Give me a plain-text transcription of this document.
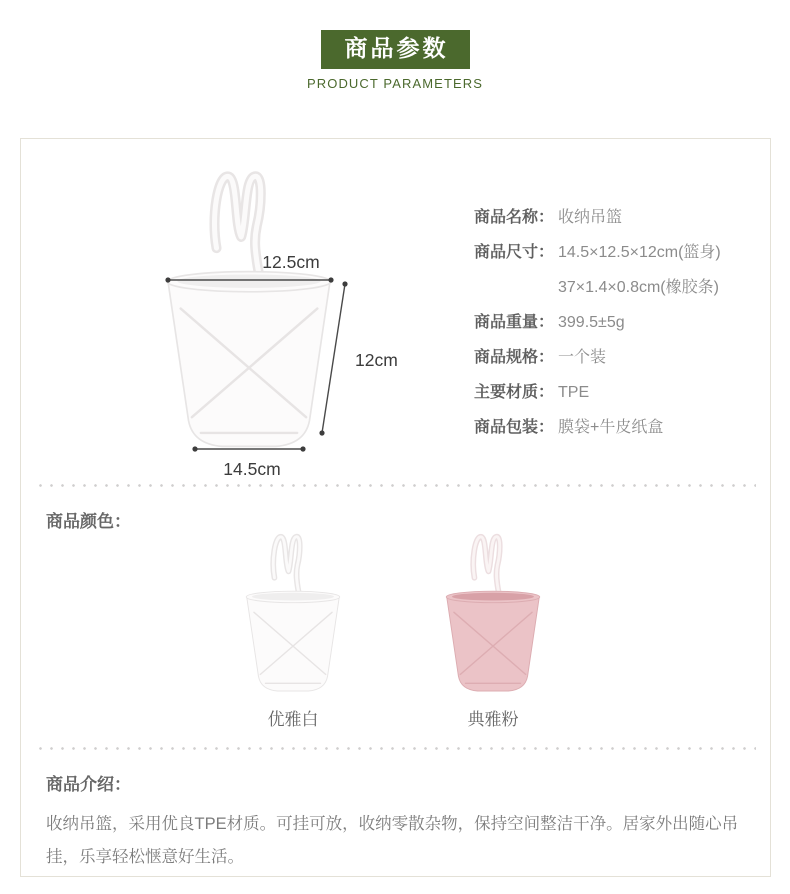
商品参数
PRODUCT PARAMETERS
12.5cm
12cm
14.5cm
商品名称： 收纳吊篮
商品尺寸： 14.5×12.5×12cm(篮身)
37×1.4×0.8cm(橡胶条)
商品重量： 399.5±5g
商品规格： 一个装
主要材质： TPE
商品包装： 膜袋+牛皮纸盒
商品颜色：
优雅白	典雅粉
商品介绍：
收纳吊篮，采用优良TPE材质。可挂可放，收纳零散杂物，保持空间整洁干净。居家外出随心吊挂，乐享轻松惬意好生活。
